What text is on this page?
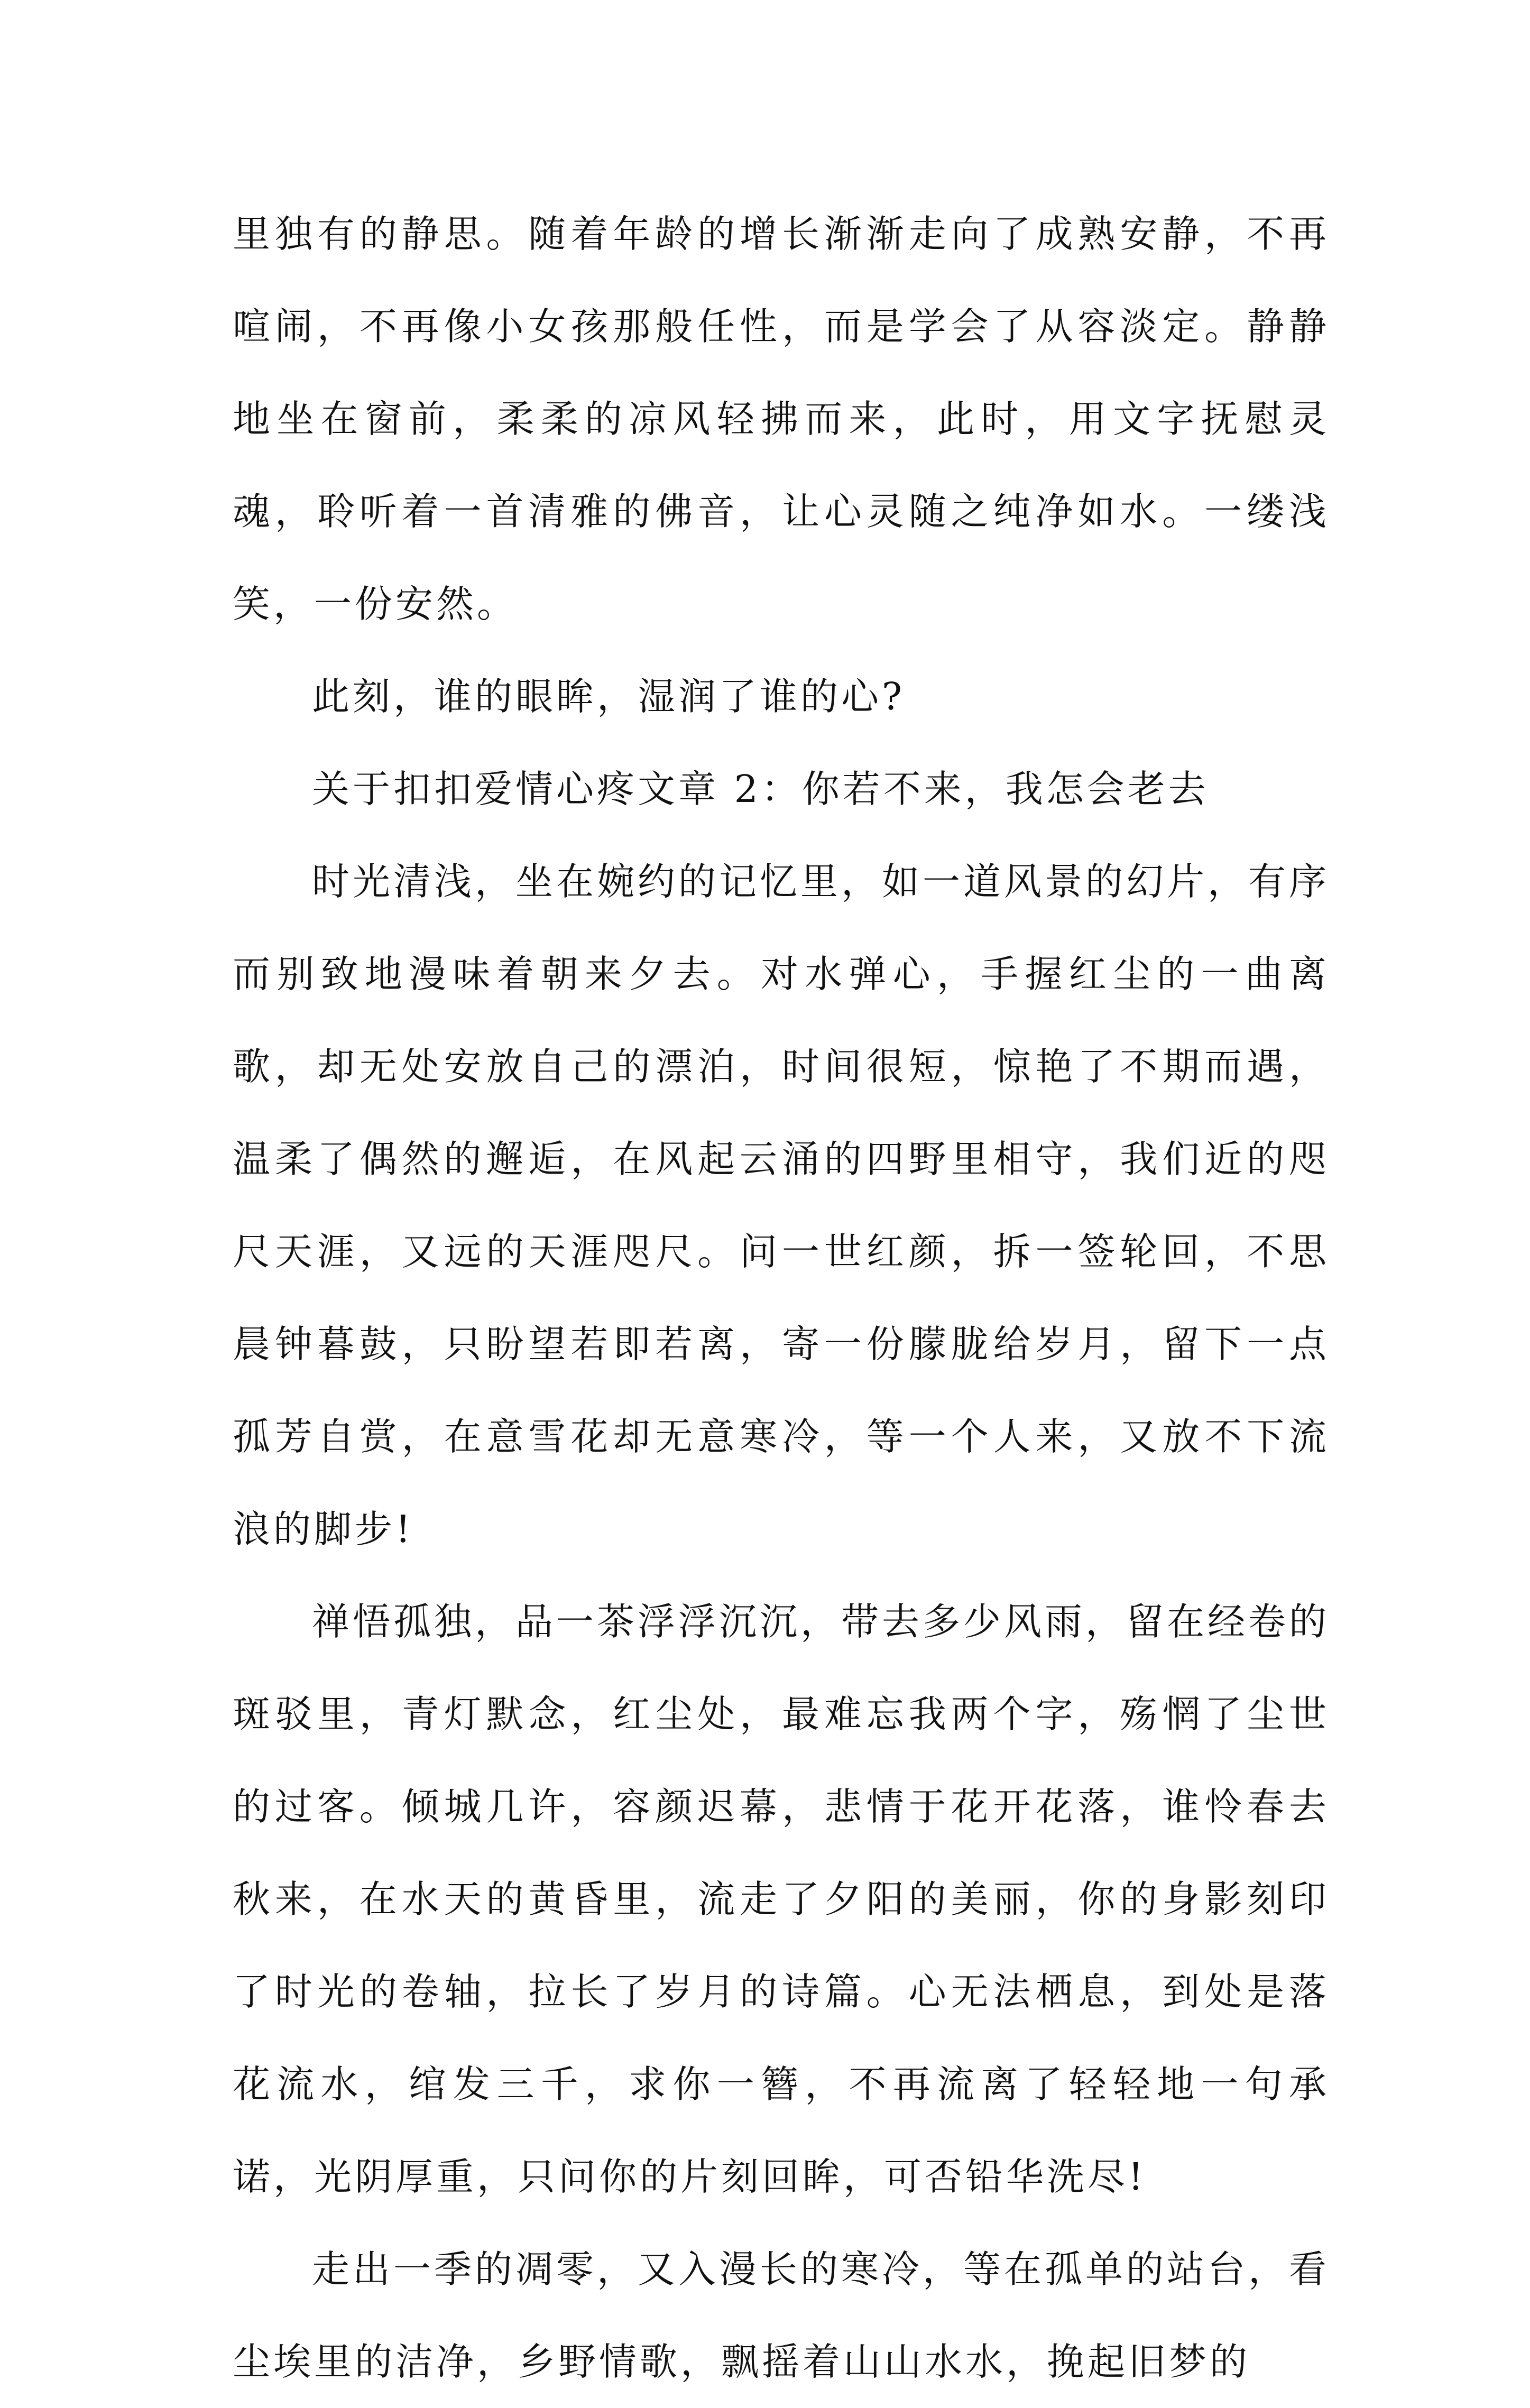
里独有的静思。随着年龄的增长渐渐走向了成熟安静，不再喧闹，不再像小女孩那般任性，而是学会了从容淡定。静静地坐在窗前，柔柔的凉风轻拂而来，此时，用文字抚慰灵魂，聆听着一首清雅的佛音，让心灵随之纯净如水。一缕浅笑，一份安然。

此刻，谁的眼眸，湿润了谁的心?

关于扣扣爱情心疼文章 2：你若不来，我怎会老去

时光清浅，坐在婉约的记忆里，如一道风景的幻片，有序而别致地漫味着朝来夕去。对水弹心，手握红尘的一曲离歌，却无处安放自己的漂泊，时间很短，惊艳了不期而遇，温柔了偶然的邂逅，在风起云涌的四野里相守，我们近的咫尺天涯，又远的天涯咫尺。问一世红颜，拆一签轮回，不思晨钟暮鼓，只盼望若即若离，寄一份朦胧给岁月，留下一点孤芳自赏，在意雪花却无意寒冷，等一个人来，又放不下流浪的脚步!

禅悟孤独，品一茶浮浮沉沉，带去多少风雨，留在经卷的斑驳里，青灯默念，红尘处，最难忘我两个字，殇惘了尘世的过客。倾城几许，容颜迟幕，悲情于花开花落，谁怜春去秋来，在水天的黄昏里，流走了夕阳的美丽，你的身影刻印了时光的卷轴，拉长了岁月的诗篇。心无法栖息，到处是落花流水，绾发三千，求你一簪，不再流离了轻轻地一句承诺，光阴厚重，只问你的片刻回眸，可否铅华洗尽!

走出一季的凋零，又入漫长的寒冷，等在孤单的站台，看尘埃里的洁净，乡野情歌，飘摇着山山水水，挽起旧梦的
